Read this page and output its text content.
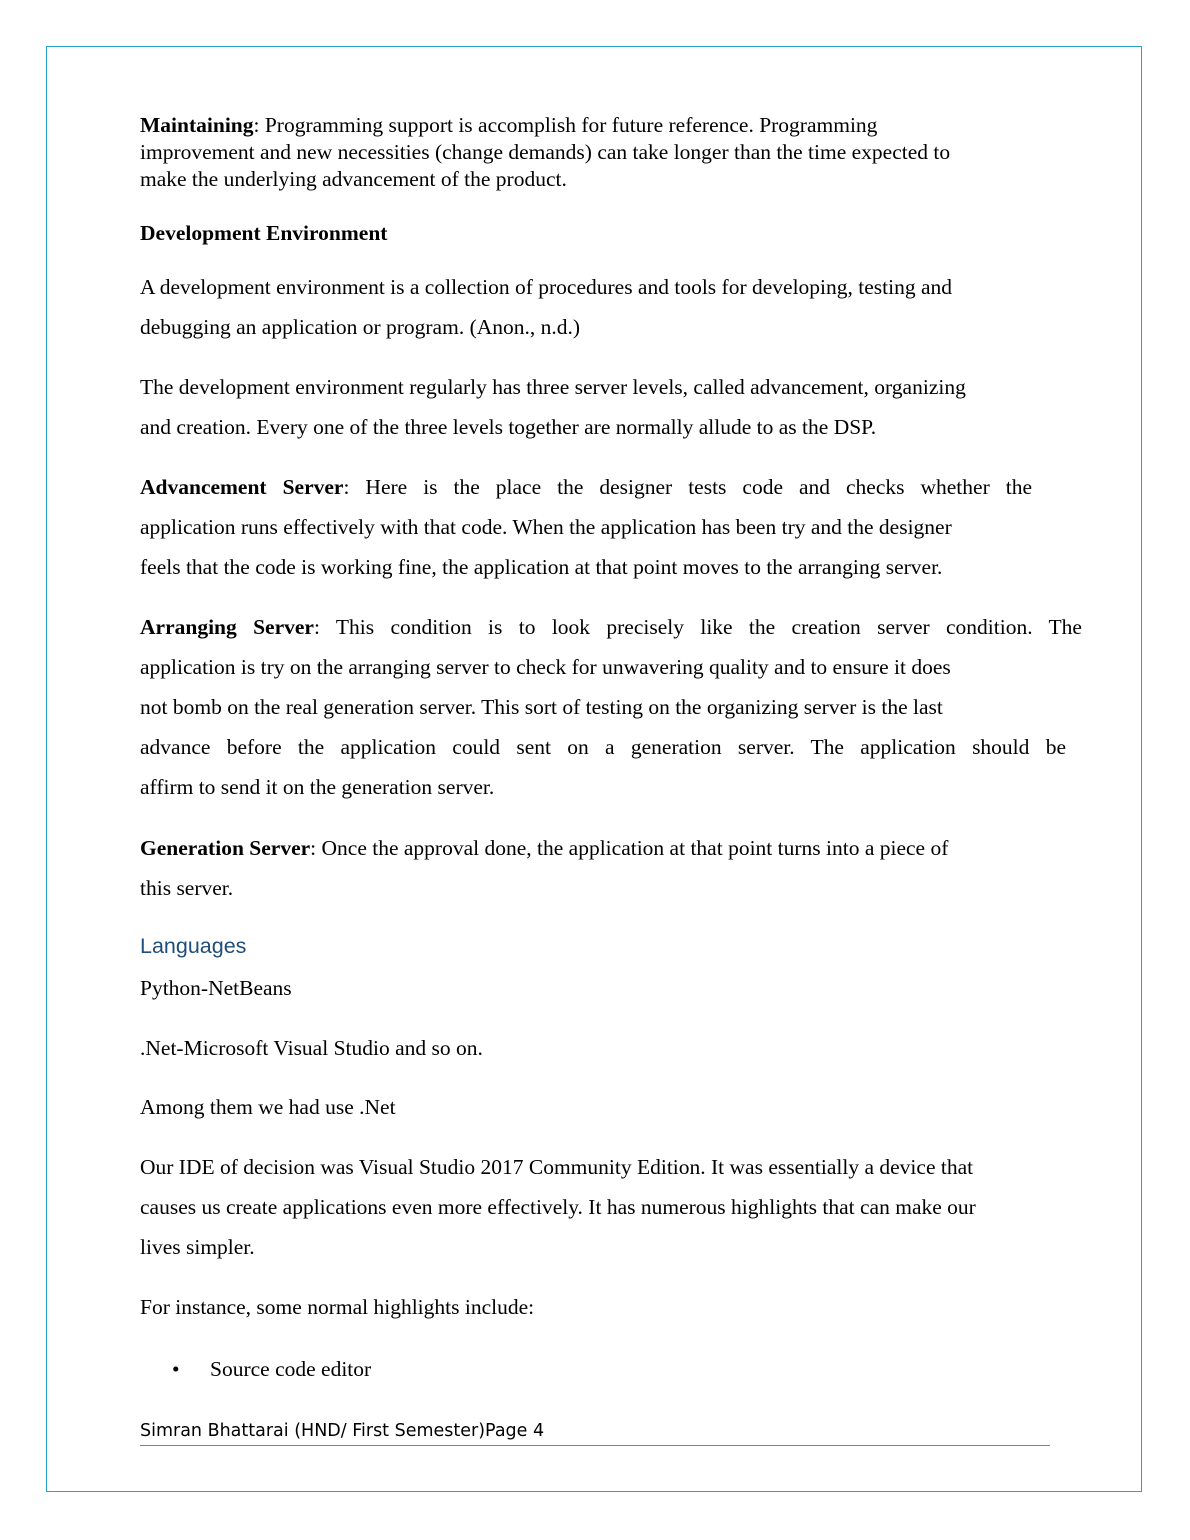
Maintaining: Programming support is accomplish for future reference. Programming
improvement and new necessities (change demands) can take longer than the time expected to
make the underlying advancement of the product.

Development Environment

A development environment is a collection of procedures and tools for developing, testing and
debugging an application or program. (Anon., n.d.)

The development environment regularly has three server levels, called advancement, organizing
and creation. Every one of the three levels together are normally allude to as the DSP.

Advancement Server: Here is the place the designer tests code and checks whether the
application runs effectively with that code. When the application has been try and the designer
feels that the code is working fine, the application at that point moves to the arranging server.

Arranging Server: This condition is to look precisely like the creation server condition. The
application is try on the arranging server to check for unwavering quality and to ensure it does
not bomb on the real generation server. This sort of testing on the organizing server is the last

advance before the application could sent on a generation server. The application should be
affirm to send it on the generation server.

Generation Server: Once the approval done, the application at that point turns into a piece of
this server.

Languages

Python-NetBeans

.Net-Microsoft Visual Studio and so on.

Among them we had use .Net

Our IDE of decision was Visual Studio 2017 Community Edition. It was essentially a device that
causes us create applications even more effectively. It has numerous highlights that can make our
lives simpler.

For instance, some normal highlights include:

• Source code editor
Simran Bhattarai (HND/ First Semester)Page 4
